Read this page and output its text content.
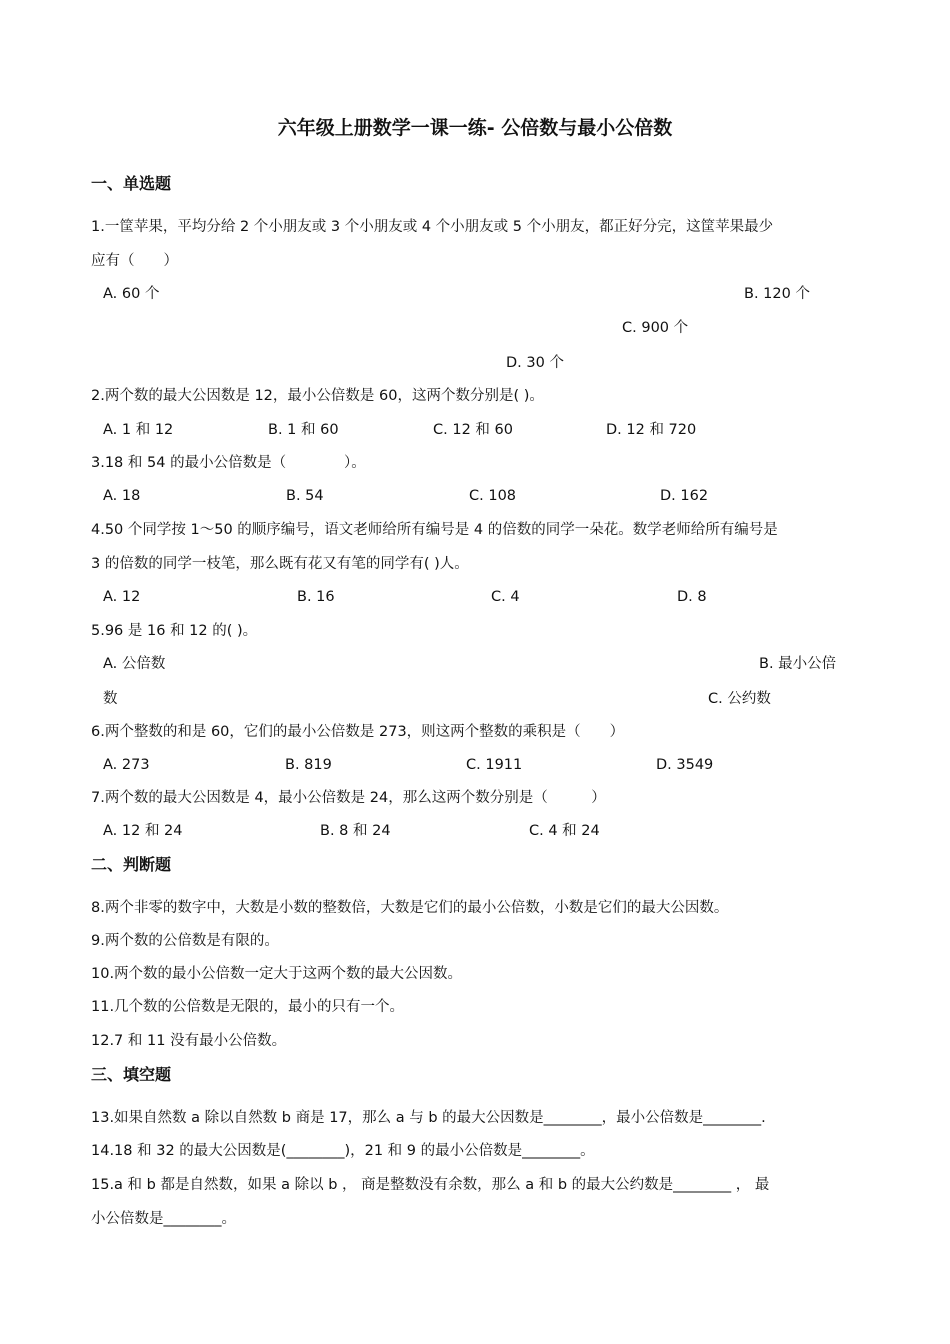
六年级上册数学一课一练- 公倍数与最小公倍数
一、单选题
1.一筐苹果，平均分给 2 个小朋友或 3 个小朋友或 4 个小朋友或 5 个小朋友，都正好分完，这筐苹果最少
应有（　　）
A. 60 个	B. 120 个
C. 900 个
D. 30 个
2.两个数的最大公因数是 12，最小公倍数是 60，这两个数分别是( )。
A. 1 和 12	B. 1 和 60	C. 12 和 60	D. 12 和 720
3.18 和 54 的最小公倍数是（　　　　）。
A. 18	B. 54	C. 108	D. 162
4.50 个同学按 1～50 的顺序编号，语文老师给所有编号是 4 的倍数的同学一朵花。数学老师给所有编号是
3 的倍数的同学一枝笔，那么既有花又有笔的同学有( )人。
A. 12	B. 16	C. 4	D. 8
5.96 是 16 和 12 的( )。
A. 公倍数	B. 最小公倍
数	C. 公约数
6.两个整数的和是 60，它们的最小公倍数是 273，则这两个整数的乘积是（　　）
A. 273	B. 819	C. 1911	D. 3549
7.两个数的最大公因数是 4，最小公倍数是 24，那么这两个数分别是（　　　）
A. 12 和 24	B. 8 和 24	C. 4 和 24
二、判断题
8.两个非零的数字中，大数是小数的整数倍，大数是它们的最小公倍数，小数是它们的最大公因数。
9.两个数的公倍数是有限的。
10.两个数的最小公倍数一定大于这两个数的最大公因数。
11.几个数的公倍数是无限的，最小的只有一个。
12.7 和 11 没有最小公倍数。
三、填空题
13.如果自然数 a 除以自然数 b 商是 17，那么 a 与 b 的最大公因数是________，最小公倍数是________.
14.18 和 32 的最大公因数是(________)，21 和 9 的最小公倍数是________。
15.a 和 b 都是自然数，如果 a 除以 b ， 商是整数没有余数，那么 a 和 b 的最大公约数是________ ， 最
小公倍数是________。
